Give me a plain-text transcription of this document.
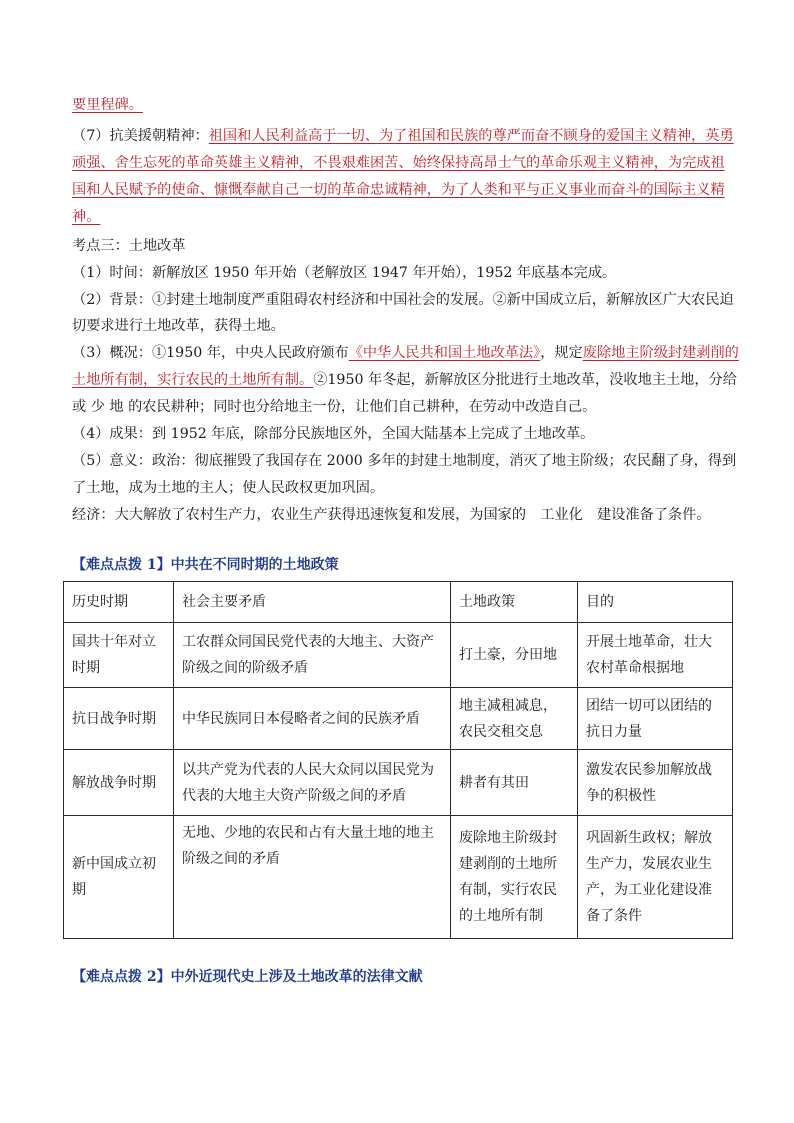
要里程碑。
（7）抗美援朝精神：祖国和人民利益高于一切、为了祖国和民族的尊严而奋不顾身的爱国主义精神，英勇
顽强、舍生忘死的革命英雄主义精神，不畏艰难困苦、始终保持高昂士气的革命乐观主义精神，为完成祖
国和人民赋予的使命、慷慨奉献自己一切的革命忠诚精神，为了人类和平与正义事业而奋斗的国际主义精
神。
考点三：土地改革
（1）时间：新解放区 1950 年开始（老解放区 1947 年开始），1952 年底基本完成。
（2）背景：①封建土地制度严重阻碍农村经济和中国社会的发展。②新中国成立后，新解放区广大农民迫
切要求进行土地改革，获得土地。
（3）概况：①1950 年，中央人民政府颁布《中华人民共和国土地改革法》，规定废除地主阶级封建剥削的
土地所有制，实行农民的土地所有制。②1950 年冬起，新解放区分批进行土地改革，没收地主土地，分给
或 少 地 的农民耕种；同时也分给地主一份，让他们自己耕种，在劳动中改造自己。
（4）成果：到 1952 年底，除部分民族地区外，全国大陆基本上完成了土地改革。
（5）意义：政治：彻底摧毁了我国存在 2000 多年的封建土地制度，消灭了地主阶级；农民翻了身，得到
了土地，成为土地的主人；使人民政权更加巩固。
经济：大大解放了农村生产力，农业生产获得迅速恢复和发展，为国家的　工业化　建设准备了条件。
【难点点拨 1】中共在不同时期的土地政策
历史时期	社会主要矛盾	土地政策	目的
国共十年对立时期	工农群众同国民党代表的大地主、大资产阶级之间的阶级矛盾	打土豪，分田地	开展土地革命，壮大农村革命根据地
抗日战争时期	中华民族同日本侵略者之间的民族矛盾	地主减租减息，农民交租交息	团结一切可以团结的抗日力量
解放战争时期	以共产党为代表的人民大众同以国民党为代表的大地主大资产阶级之间的矛盾	耕者有其田	激发农民参加解放战争的积极性
新中国成立初期	无地、少地的农民和占有大量土地的地主阶级之间的矛盾	废除地主阶级封建剥削的土地所有制，实行农民的土地所有制	巩固新生政权；解放生产力，发展农业生产，为工业化建设准备了条件
【难点点拨 2】中外近现代史上涉及土地改革的法律文献
